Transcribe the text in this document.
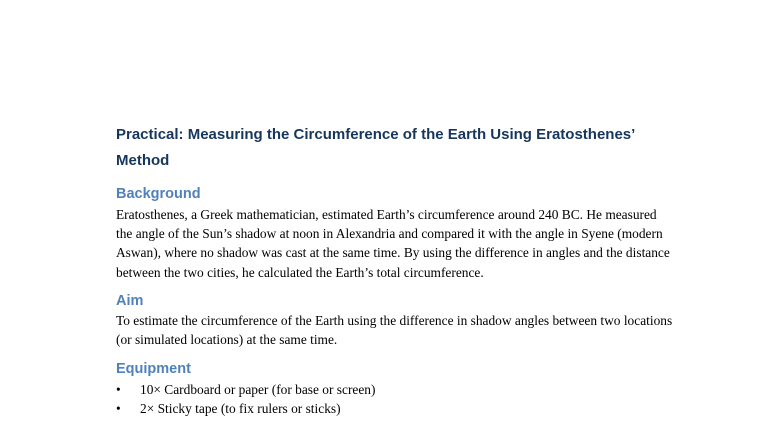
Practical: Measuring the Circumference of the Earth Using Eratosthenes’ Method
Background

Eratosthenes, a Greek mathematician, estimated Earth’s circumference around 240 BC. He measured the angle of the Sun’s shadow at noon in Alexandria and compared it with the angle in Syene (modern Aswan), where no shadow was cast at the same time. By using the difference in angles and the distance between the two cities, he calculated the Earth’s total circumference.

Aim

To estimate the circumference of the Earth using the difference in shadow angles between two locations (or simulated locations) at the same time.

Equipment
• 10× Cardboard or paper (for base or screen)
• 2× Sticky tape (to fix rulers or sticks)
